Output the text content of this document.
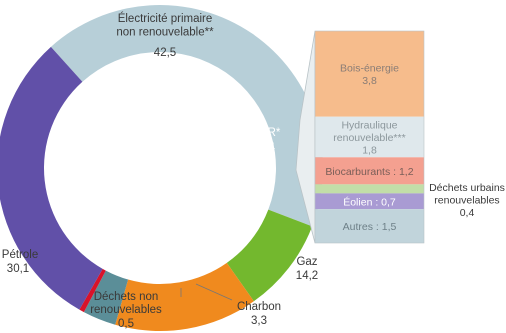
Électricité primaire non renouvelable**
42,5
EnR*
9,4
Gaz
14,2
Charbon
3,3
Déchets non renouvelables
0,5
Pétrole
30,1
Bois-énergie
3,8
Hydraulique renouvelable***
1,8
Biocarburants : 1,2
Éolien : 0,7
Autres : 1,5
Déchets urbains renouvelables
0,4
